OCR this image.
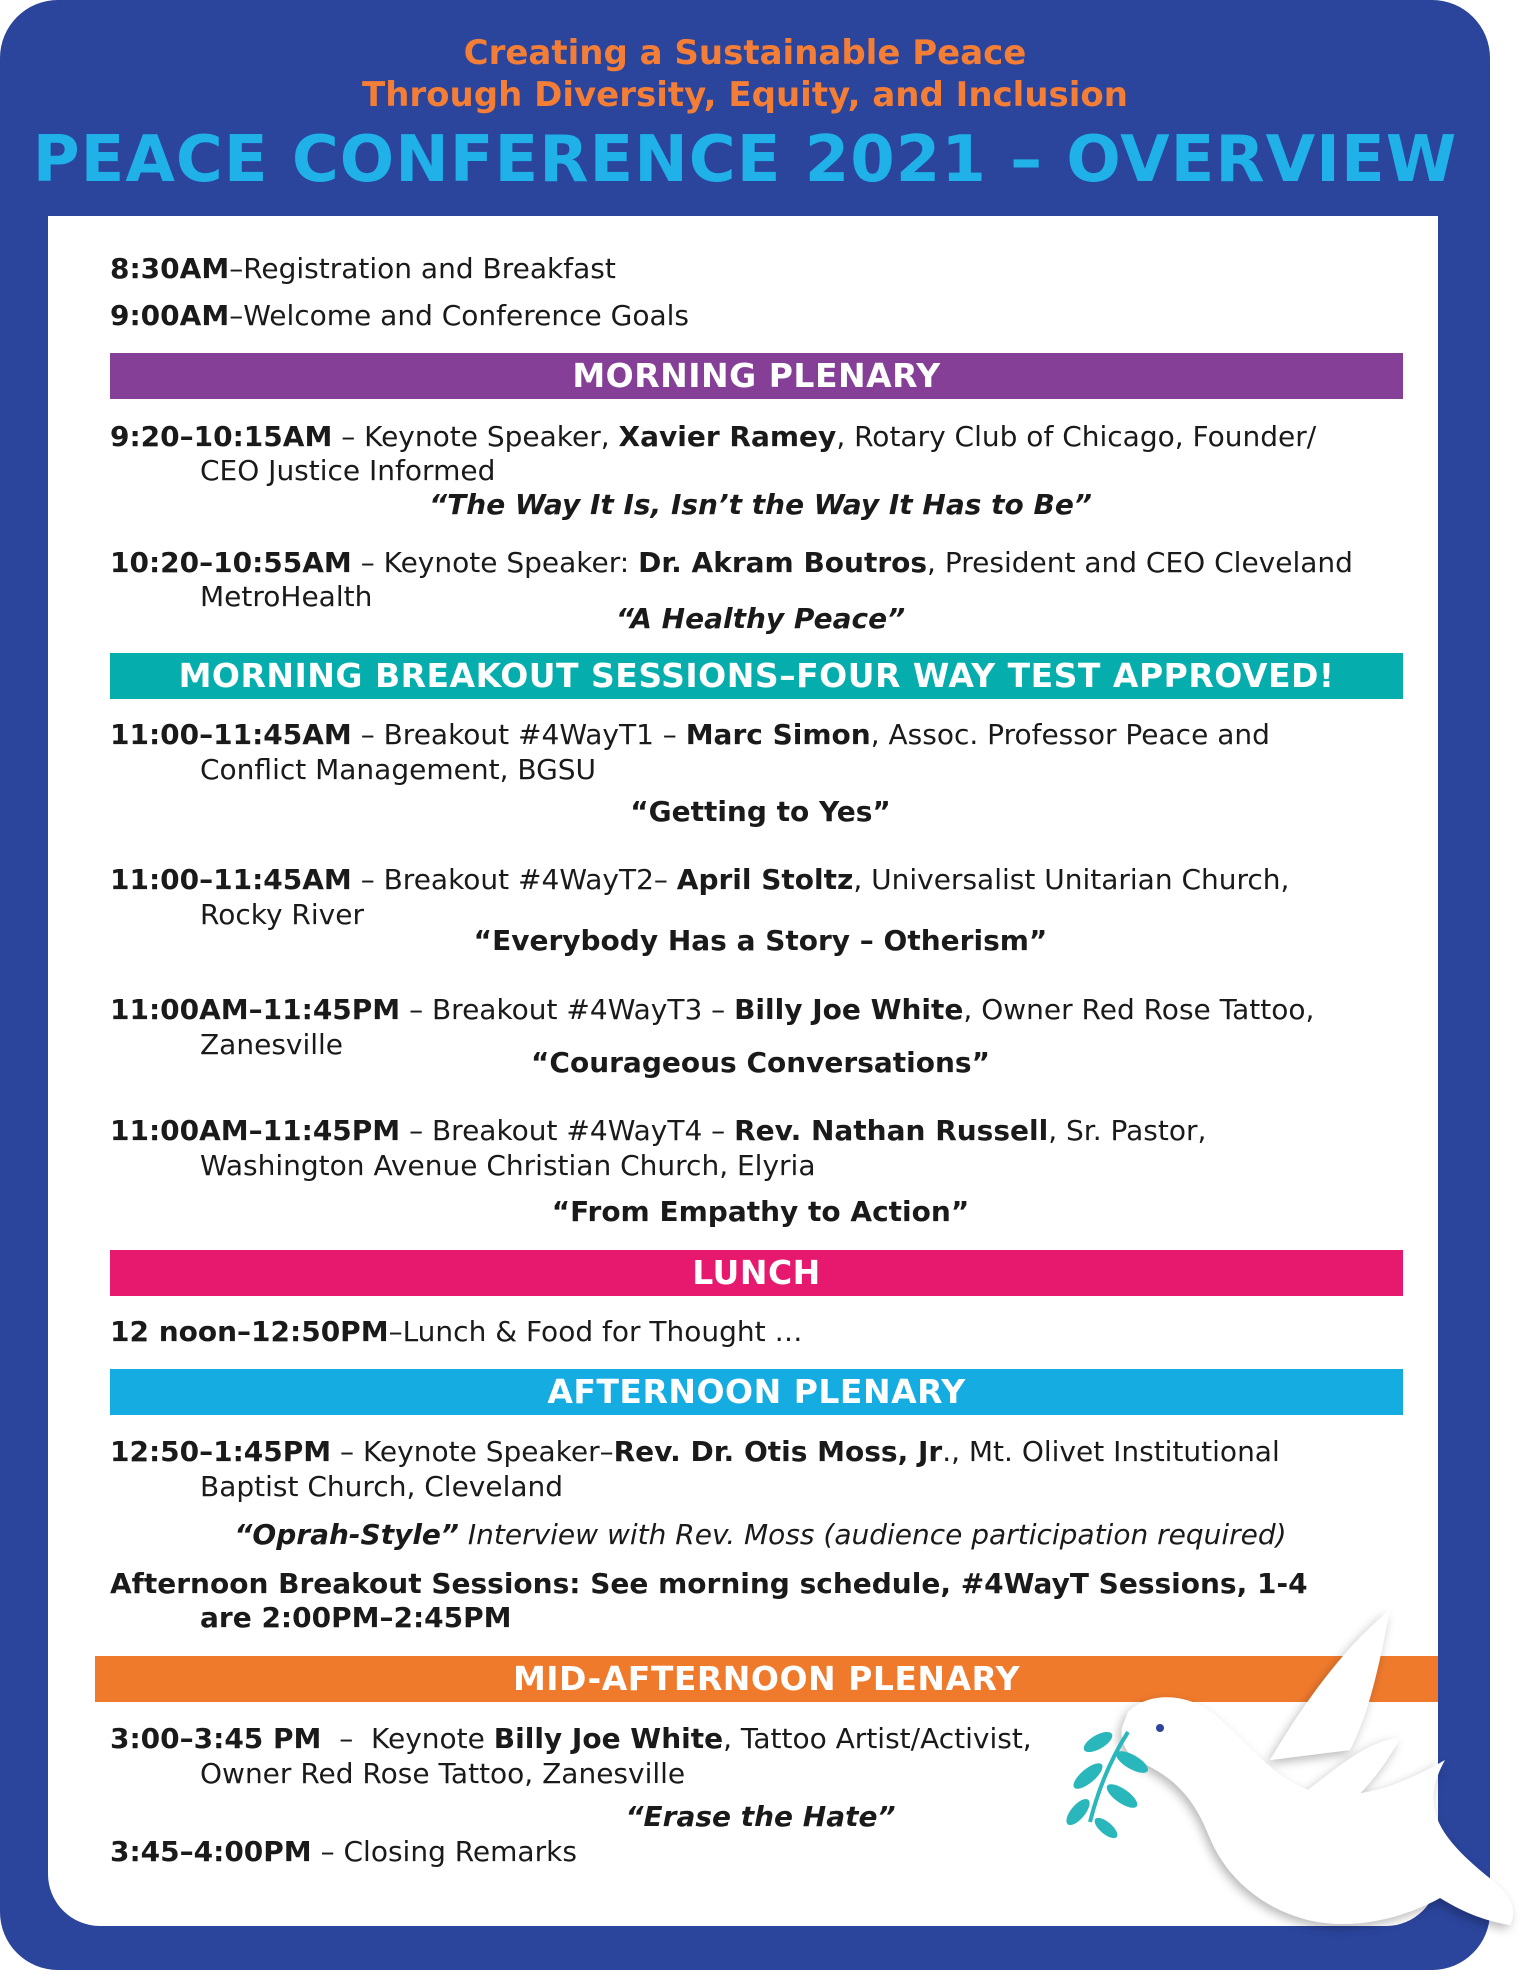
Creating a Sustainable Peace
Through Diversity, Equity, and Inclusion
PEACE CONFERENCE 2021 – OVERVIEW
8:30AM–Registration and Breakfast
9:00AM–Welcome and Conference Goals
MORNING PLENARY
9:20–10:15AM – Keynote Speaker, Xavier Ramey, Rotary Club of Chicago, Founder/
CEO Justice Informed
“The Way It Is, Isn’t the Way It Has to Be”
10:20–10:55AM – Keynote Speaker: Dr. Akram Boutros, President and CEO Cleveland
MetroHealth
“A Healthy Peace”
MORNING BREAKOUT SESSIONS–FOUR WAY TEST APPROVED!
11:00–11:45AM – Breakout #4WayT1 – Marc Simon, Assoc. Professor Peace and
Conflict Management, BGSU
“Getting to Yes”
11:00–11:45AM – Breakout #4WayT2– April Stoltz, Universalist Unitarian Church,
Rocky River
“Everybody Has a Story – Otherism”
11:00AM–11:45PM – Breakout #4WayT3 – Billy Joe White, Owner Red Rose Tattoo,
Zanesville
“Courageous Conversations”
11:00AM–11:45PM – Breakout #4WayT4 – Rev. Nathan Russell, Sr. Pastor,
Washington Avenue Christian Church, Elyria
“From Empathy to Action”
LUNCH
12 noon–12:50PM–Lunch & Food for Thought …
AFTERNOON PLENARY
12:50–1:45PM – Keynote Speaker–Rev. Dr. Otis Moss, Jr., Mt. Olivet Institutional
Baptist Church, Cleveland
“Oprah-Style” Interview with Rev. Moss (audience participation required)
Afternoon Breakout Sessions: See morning schedule, #4WayT Sessions, 1-4
are 2:00PM–2:45PM
MID-AFTERNOON PLENARY
3:00–3:45 PM  –  Keynote Billy Joe White, Tattoo Artist/Activist,
Owner Red Rose Tattoo, Zanesville
“Erase the Hate”
3:45–4:00PM – Closing Remarks
